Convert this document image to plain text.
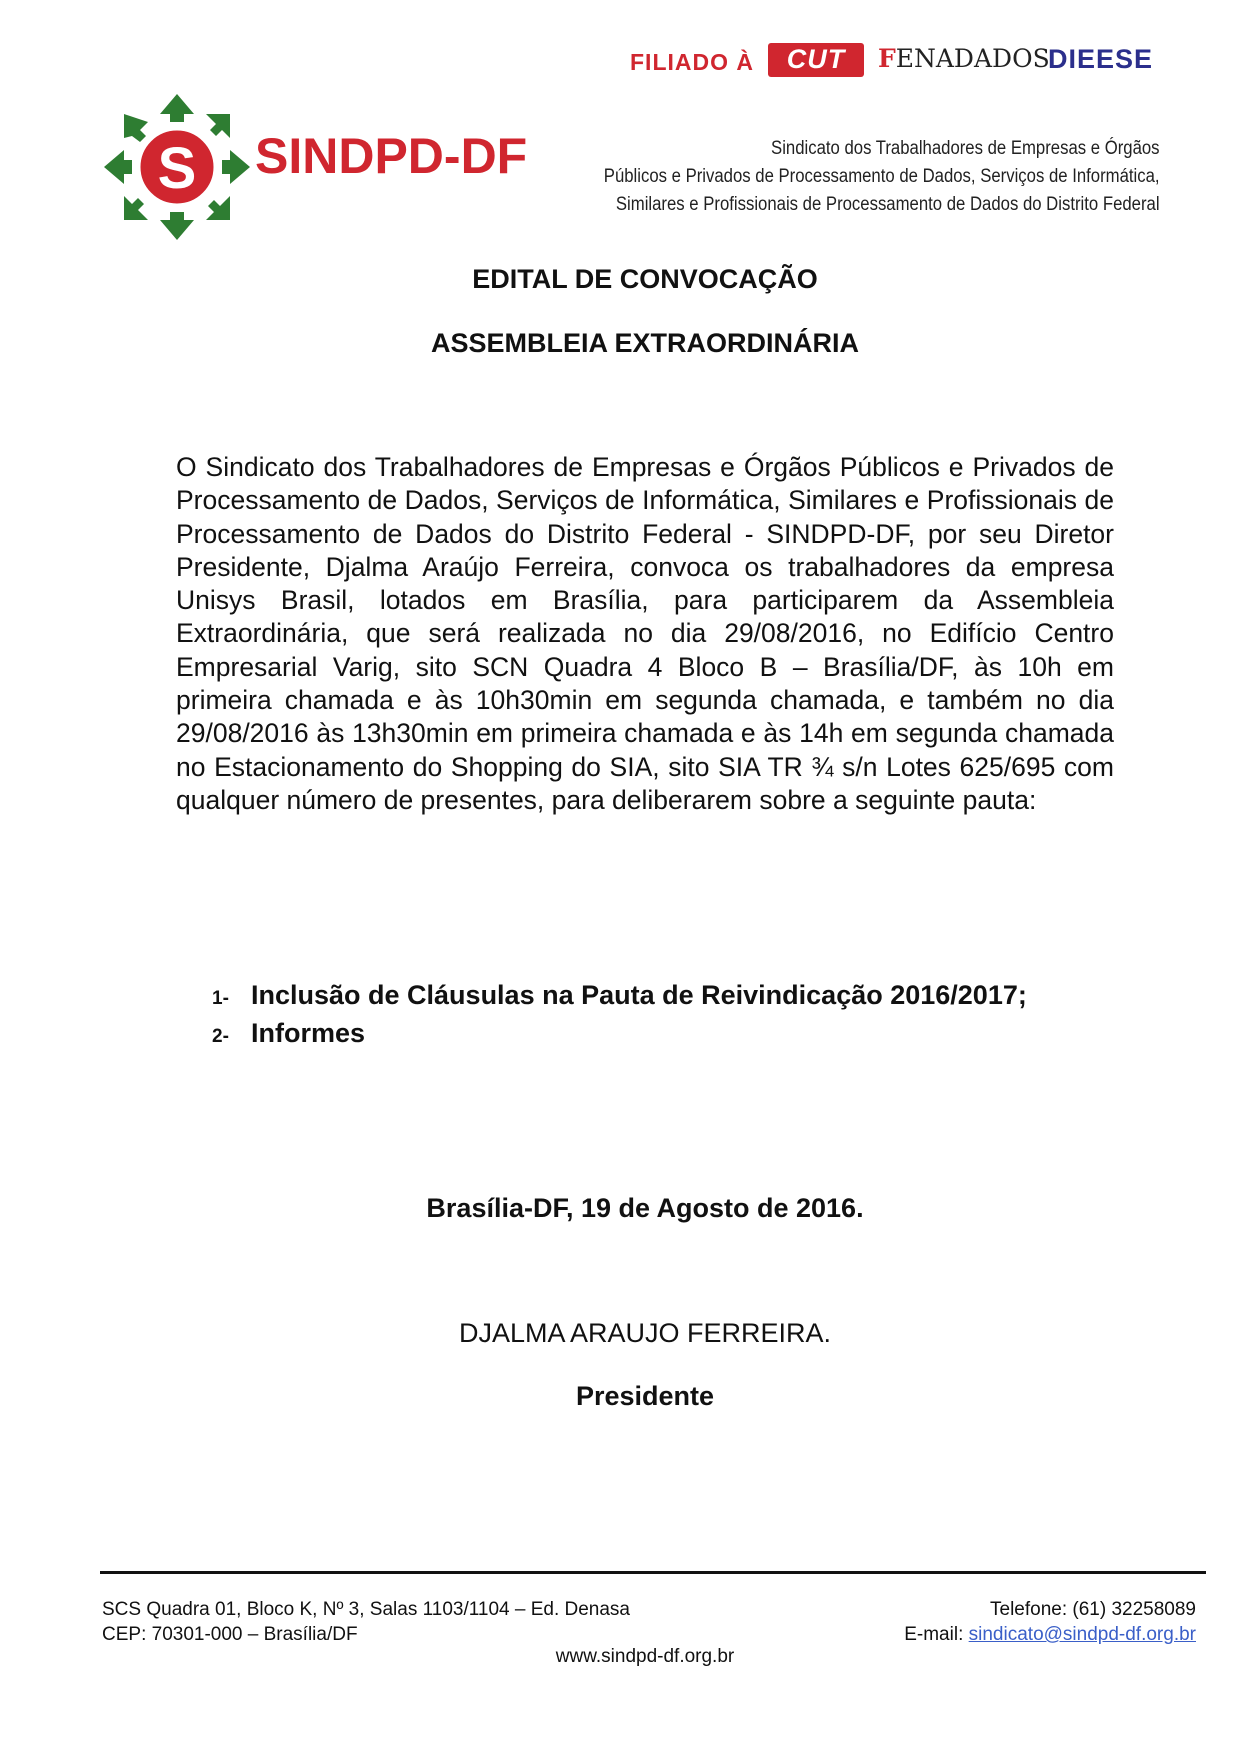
FILIADO À	CUT	FENADADOS
DIEESE
S SINDPD-DF	Sindicato dos Trabalhadores de Empresas e Órgãos
Públicos e Privados de Processamento de Dados, Serviços de Informática,
Similares e Profissionais de Processamento de Dados do Distrito Federal
EDITAL DE CONVOCAÇÃO
ASSEMBLEIA EXTRAORDINÁRIA
O Sindicato dos Trabalhadores de Empresas e Órgãos Públicos e Privados de Processamento de Dados, Serviços de Informática, Similares e Profissionais de Processamento de Dados do Distrito Federal - SINDPD-DF, por seu Diretor Presidente, Djalma Araújo Ferreira, convoca os trabalhadores da empresa Unisys Brasil, lotados em Brasília, para participarem da Assembleia Extraordinária, que será realizada no dia 29/08/2016, no Edifício Centro Empresarial Varig, sito SCN Quadra 4 Bloco B – Brasília/DF, às 10h em primeira chamada e às 10h30min em segunda chamada, e também no dia 29/08/2016 às 13h30min em primeira chamada e às 14h em segunda chamada no Estacionamento do Shopping do SIA, sito SIA TR ¾ s/n Lotes 625/695 com qualquer número de presentes, para deliberarem sobre a seguinte pauta:
1- Inclusão de Cláusulas na Pauta de Reivindicação 2016/2017;
2- Informes
Brasília-DF, 19 de Agosto de 2016.
DJALMA ARAUJO FERREIRA.
Presidente
SCS Quadra 01, Bloco K, Nº 3, Salas 1103/1104 – Ed. Denasa
CEP: 70301-000 – Brasília/DF
Telefone: (61) 32258089
E-mail: sindicato@sindpd-df.org.br
www.sindpd-df.org.br
